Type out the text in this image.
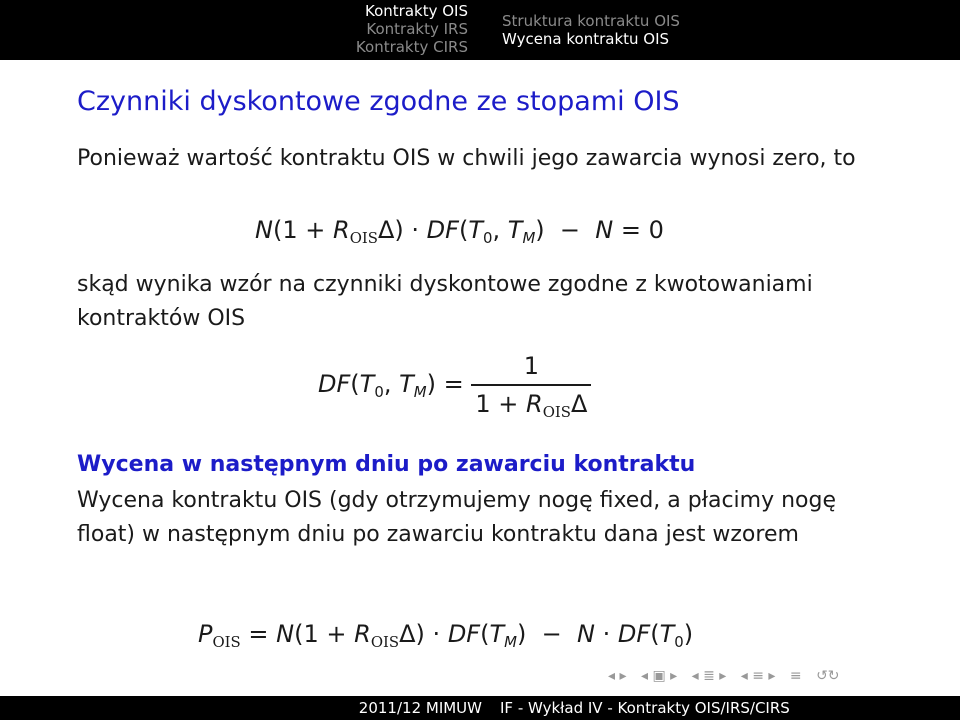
Kontrakty OIS
Kontrakty IRS
Kontrakty CIRS
Struktura kontraktu OIS
Wycena kontraktu OIS
Czynniki dyskontowe zgodne ze stopami OIS
Ponieważ wartość kontraktu OIS w chwili jego zawarcia wynosi zero, to
$N(1 + R_{OIS}\Delta) \cdot DF(T_0$, $T_M) - N = 0$
skąd wynika wzór na czynniki dyskontowe zgodne z kwotowaniami kontraktów OIS
$DF(T_0$, $T_M) = \frac{1}{1 + R_{OIS}\Delta}$
Wycena w następnym dniu po zawarciu kontraktu
Wycena kontraktu OIS (gdy otrzymujemy nogę fixed, a płacimy nogę float) w następnym dniu po zawarciu kontraktu dana jest wzorem
$P_{OIS} = N(1 + R_{OIS}\Delta) \cdot DF(T_M) - N \cdot DF(T_0)$
◂ ▸ ◂ ▣ ▸ ◂ ≣ ▸ ◂ ≡ ▸ ≡ ↺↻
2011/12 MIMUW IF - Wykład IV - Kontrakty OIS/IRS/CIRS
